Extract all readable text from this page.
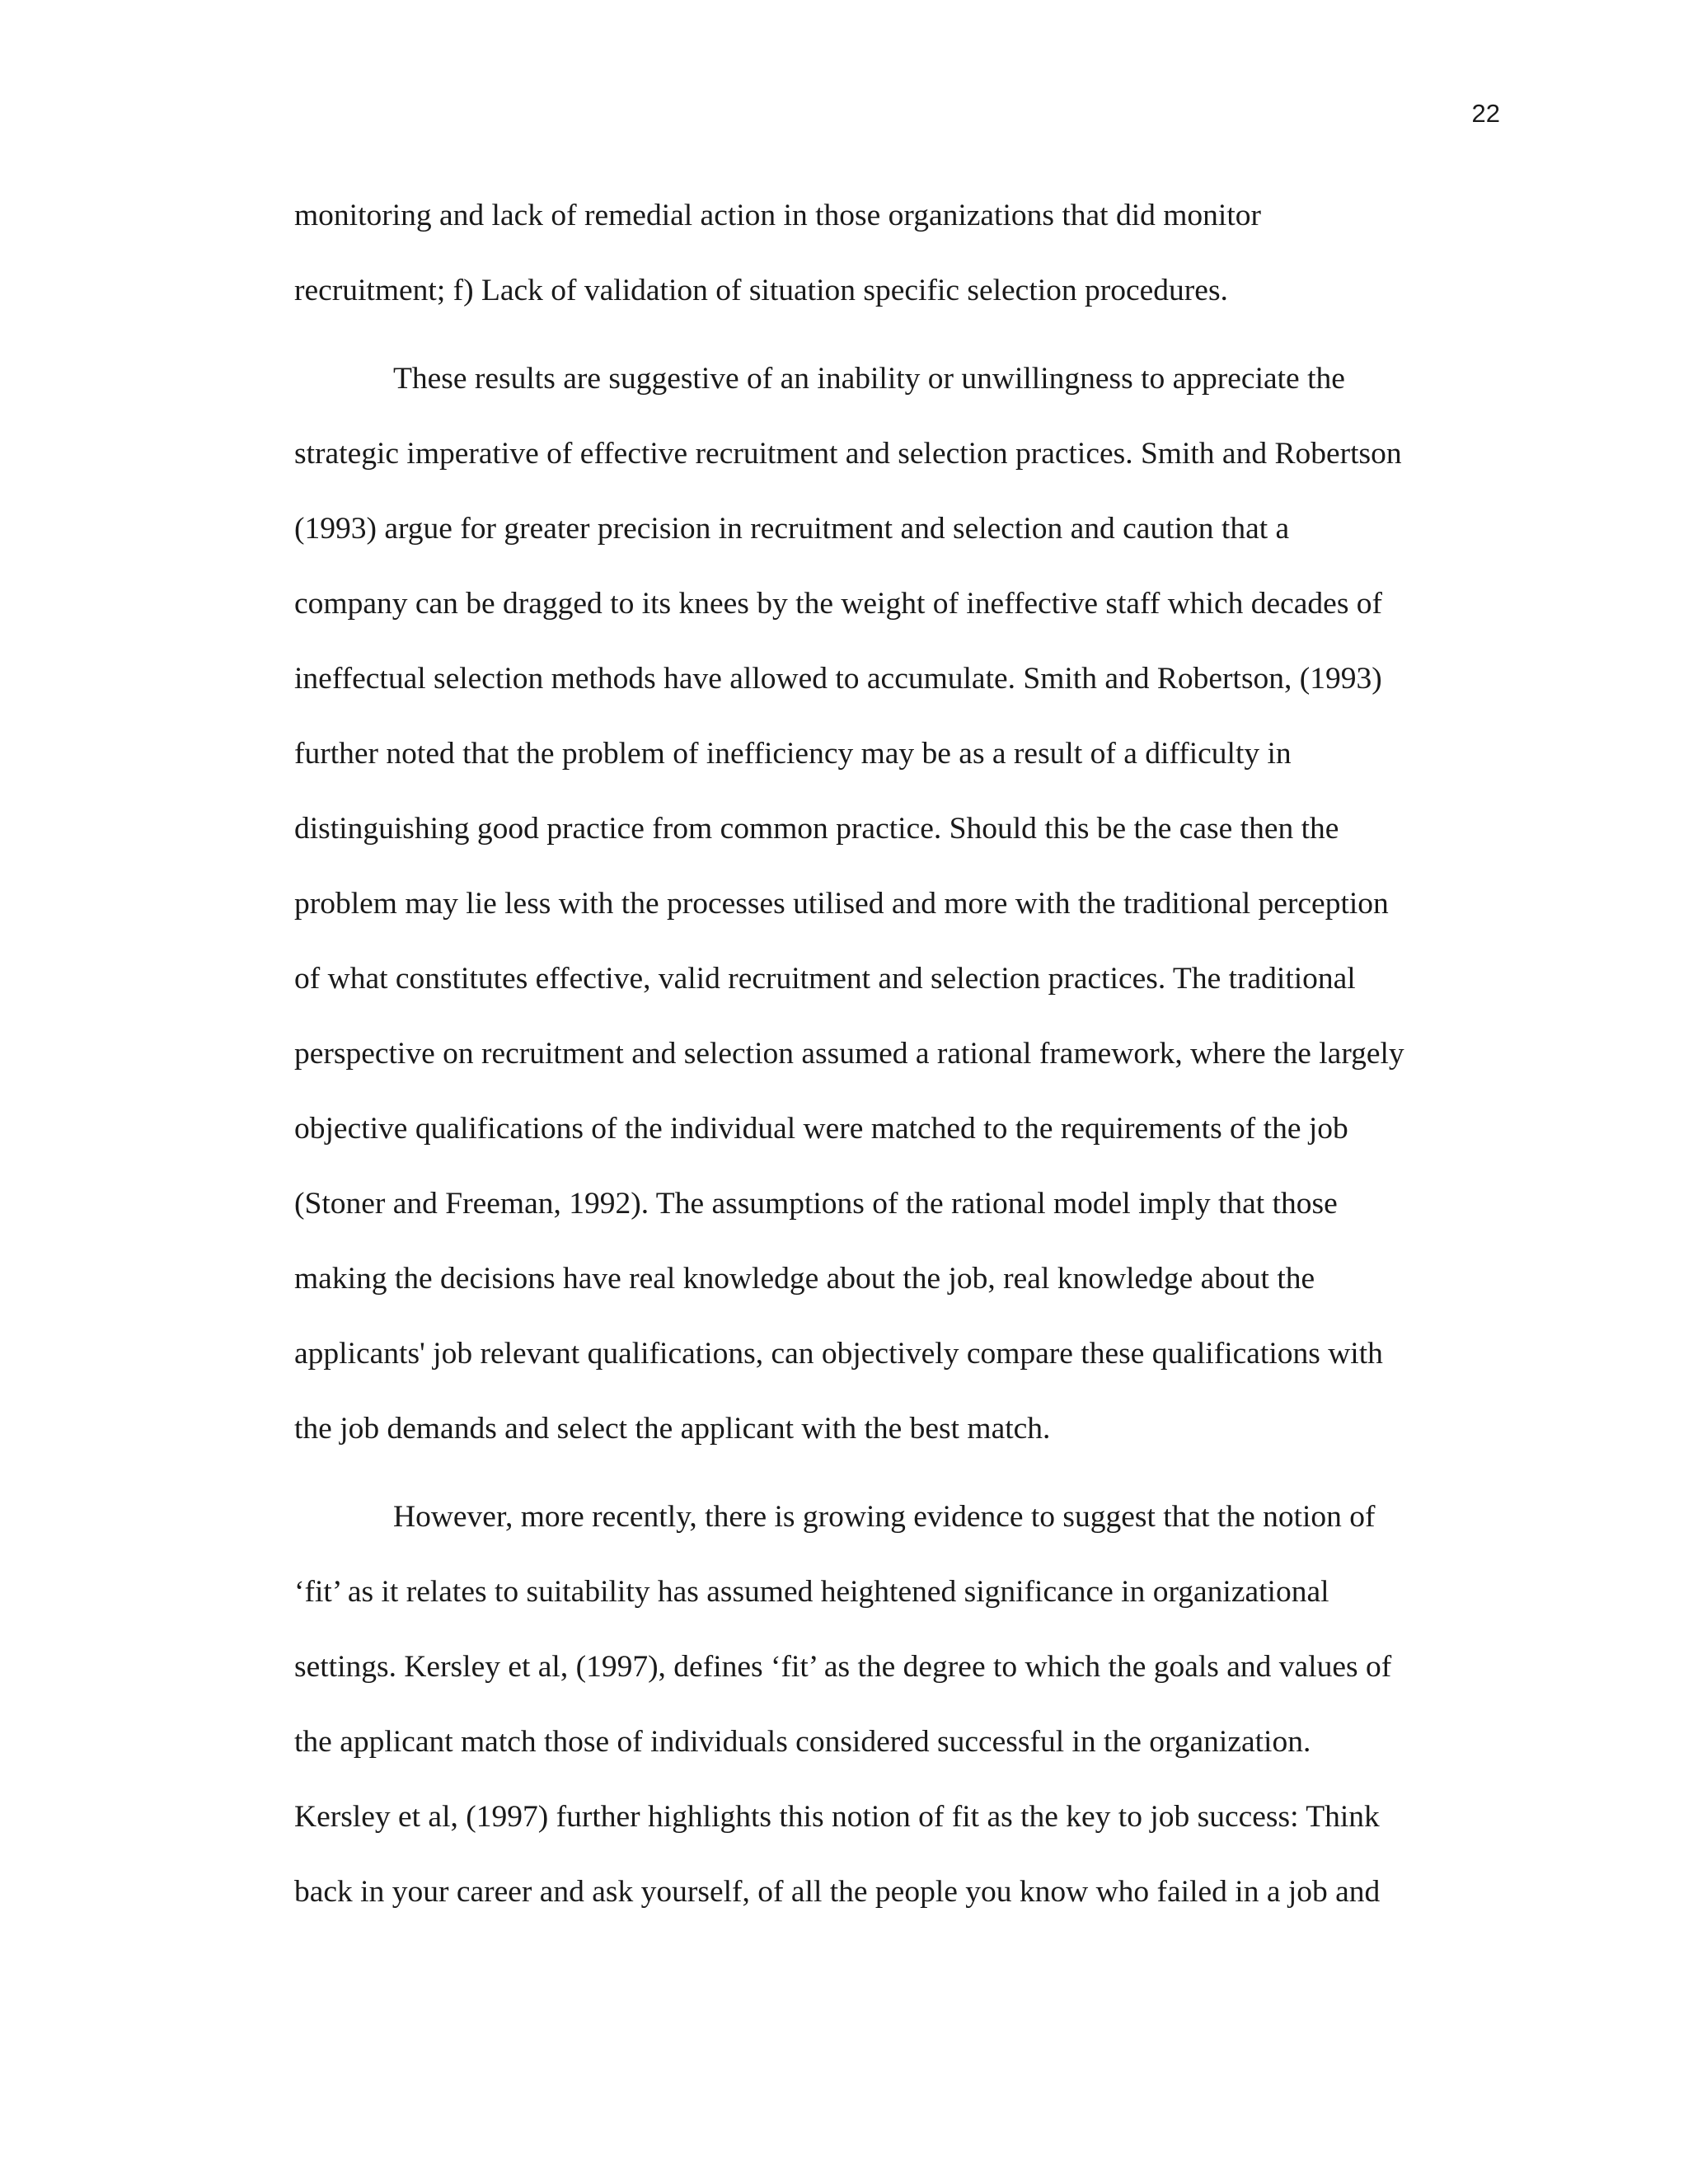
22
monitoring and lack of remedial action in those organizations that did monitor
recruitment; f) Lack of validation of situation specific selection procedures.
These results are suggestive of an inability or unwillingness to appreciate the
strategic imperative of effective recruitment and selection practices. Smith and Robertson
(1993) argue for greater precision in recruitment and selection and caution that a
company can be dragged to its knees by the weight of ineffective staff which decades of
ineffectual selection methods have allowed to accumulate. Smith and Robertson, (1993)
further noted that the problem of inefficiency may be as a result of a difficulty in
distinguishing good practice from common practice. Should this be the case then the
problem may lie less with the processes utilised and more with the traditional perception
of what constitutes effective, valid recruitment and selection practices. The traditional
perspective on recruitment and selection assumed a rational framework, where the largely
objective qualifications of the individual were matched to the requirements of the job
(Stoner and Freeman, 1992). The assumptions of the rational model imply that those
making the decisions have real knowledge about the job, real knowledge about the
applicants' job relevant qualifications, can objectively compare these qualifications with
the job demands and select the applicant with the best match.
However, more recently, there is growing evidence to suggest that the notion of
‘fit’ as it relates to suitability has assumed heightened significance in organizational
settings. Kersley et al, (1997), defines ‘fit’ as the degree to which the goals and values of
the applicant match those of individuals considered successful in the organization.
Kersley et al, (1997) further highlights this notion of fit as the key to job success: Think
back in your career and ask yourself, of all the people you know who failed in a job and
